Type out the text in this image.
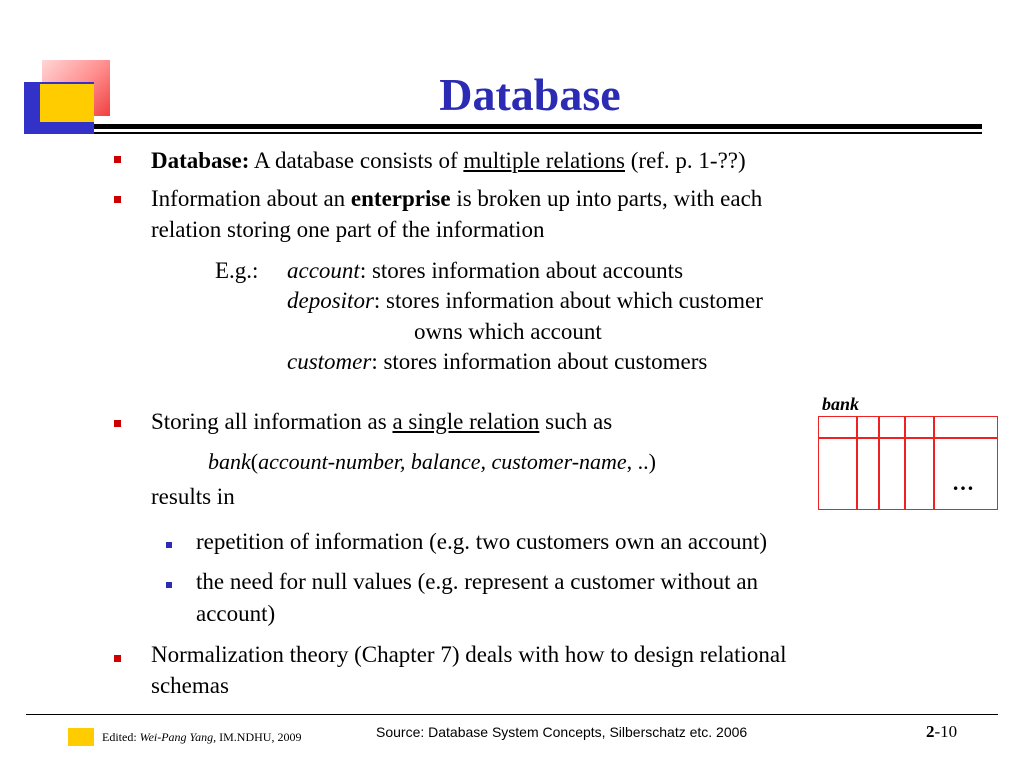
Database
Database: A database consists of multiple relations (ref. p. 1-??)
Information about an enterprise is broken up into parts, with each
relation storing one part of the information
E.g.: account: stores information about accounts
depositor: stores information about which customer
owns which account
customer: stores information about customers
Storing all information as a single relation such as
bank(account-number, balance, customer-name, ..)
results in
repetition of information (e.g. two customers own an account)
the need for null values (e.g. represent a customer without an
account)
Normalization theory (Chapter 7) deals with how to design relational
schemas
bank
…
Edited: Wei-Pang Yang, IM.NDHU, 2009	Source: Database System Concepts, Silberschatz etc. 2006	2-10
